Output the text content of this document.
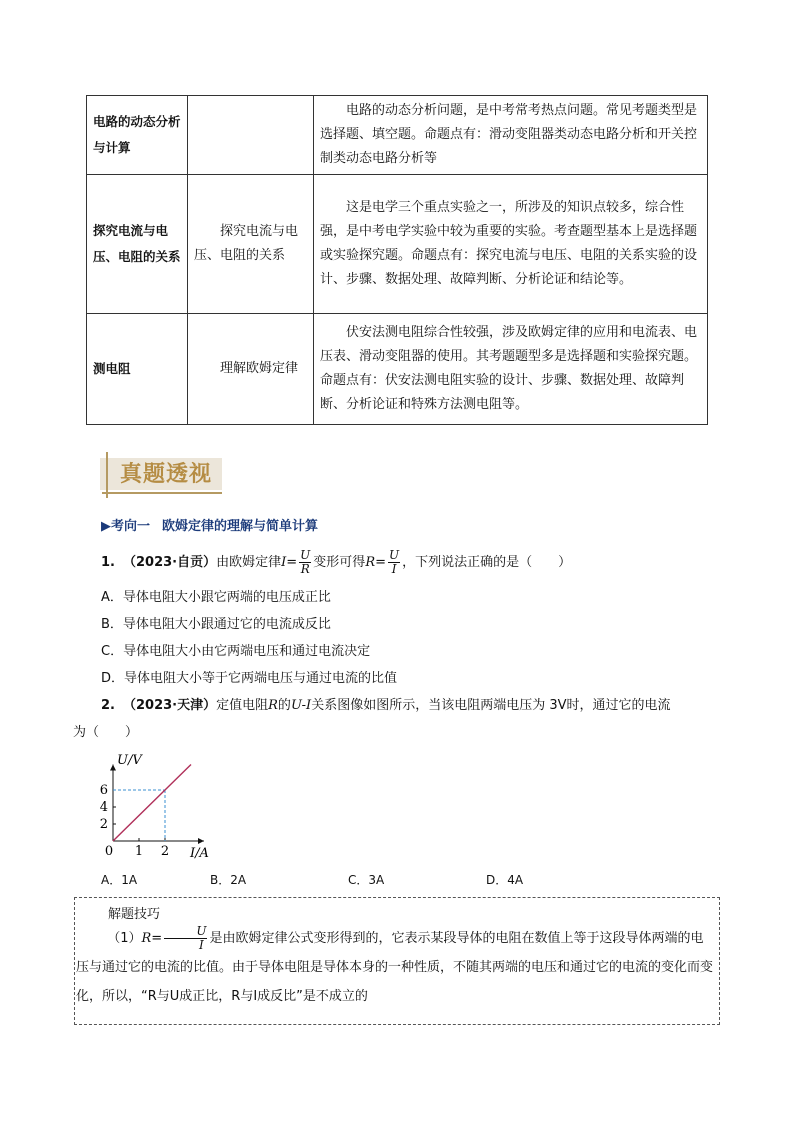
电路的动态分析与计算		电路的动态分析问题，是中考常考热点问题。常见考题类型是选择题、填空题。命题点有：滑动变阻器类动态电路分析和开关控制类动态电路分析等
探究电流与电压、电阻的关系	探究电流与电压、电阻的关系	这是电学三个重点实验之一，所涉及的知识点较多，综合性强，是中考电学实验中较为重要的实验。考查题型基本上是选择题或实验探究题。命题点有：探究电流与电压、电阻的关系实验的设计、步骤、数据处理、故障判断、分析论证和结论等。
测电阻	理解欧姆定律	伏安法测电阻综合性较强，涉及欧姆定律的应用和电流表、电压表、滑动变阻器的使用。其考题题型多是选择题和实验探究题。命题点有：伏安法测电阻实验的设计、步骤、数据处理、故障判断、分析论证和特殊方法测电阻等。
真题透视
▶考向一 欧姆定律的理解与简单计算
1. （2023·自贡）由欧姆定律$I= \frac{U}{R}$ 变形可得$R= \frac{U}{I}$ ，下列说法正确的是（　　）
A．导体电阻大小跟它两端的电压成正比
B．导体电阻大小跟通过它的电流成反比
C．导体电阻大小由它两端电压和通过电流决定
D．导体电阻大小等于它两端电压与通过电流的比值
2. （2023·天津）定值电阻R的U-I关系图像如图所示，当该电阻两端电压为 3V时，通过它的电流
为（　　）
0 1 2
2
4
6
U/V
I/A
A．1A	B．2A	C．3A	D．4A
解题技巧
$(1)R= \frac{U}{I}$ 是由欧姆定律公式变形得到的，它表示某段导体的电阻在数值上等于这段导体两端的电压与通过它的电流的比值。由于导体电阻是导体本身的一种性质，不随其两端的电压和通过它的电流的变化而变化，所以，“R与U成正比，R与I成反比”是不成立的
